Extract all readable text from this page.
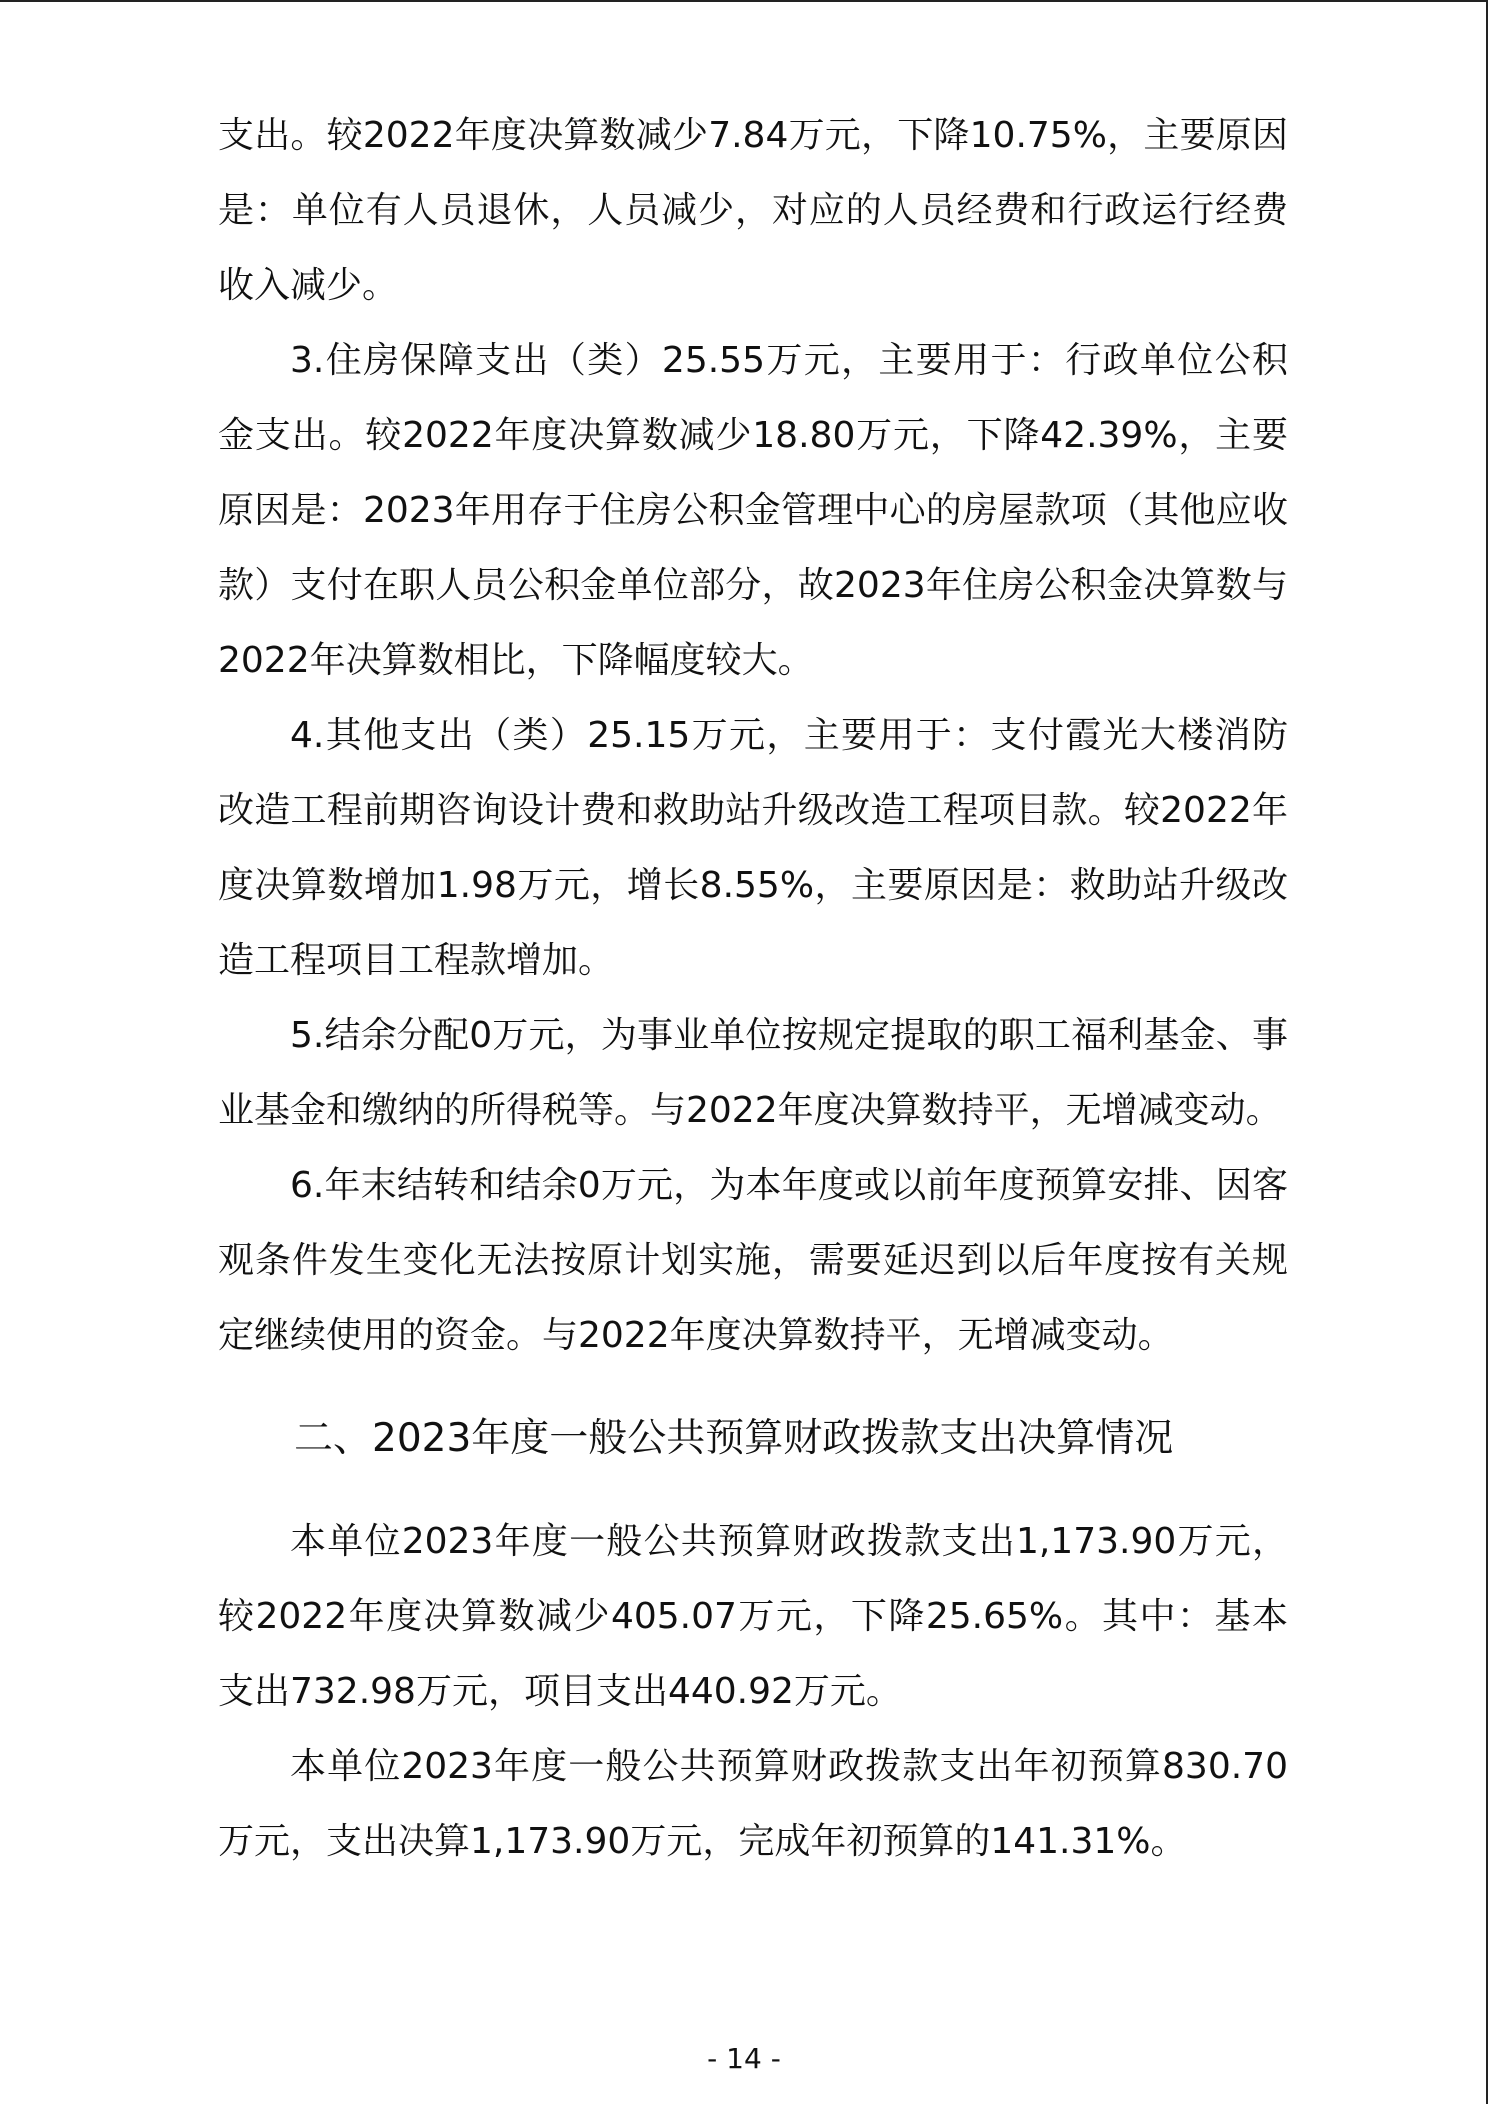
支出。较2022年度决算数减少7.84万元，下降10.75%，主要原因是：单位有人员退休，人员减少，对应的人员经费和行政运行经费收入减少。

3.住房保障支出（类）25.55万元，主要用于：行政单位公积金支出。较2022年度决算数减少18.80万元，下降42.39%，主要原因是：2023年用存于住房公积金管理中心的房屋款项（其他应收款）支付在职人员公积金单位部分，故2023年住房公积金决算数与2022年决算数相比，下降幅度较大。

4.其他支出（类）25.15万元，主要用于：支付霞光大楼消防改造工程前期咨询设计费和救助站升级改造工程项目款。较2022年度决算数增加1.98万元，增长8.55%，主要原因是：救助站升级改造工程项目工程款增加。

5.结余分配0万元，为事业单位按规定提取的职工福利基金、事业基金和缴纳的所得税等。与2022年度决算数持平，无增减变动。

6.年末结转和结余0万元，为本年度或以前年度预算安排、因客观条件发生变化无法按原计划实施，需要延迟到以后年度按有关规定继续使用的资金。与2022年度决算数持平，无增减变动。

二、2023年度一般公共预算财政拨款支出决算情况

本单位2023年度一般公共预算财政拨款支出1,173.90万元，较2022年度决算数减少405.07万元，下降25.65%。其中：基本支出732.98万元，项目支出440.92万元。

本单位2023年度一般公共预算财政拨款支出年初预算830.70万元，支出决算1,173.90万元，完成年初预算的141.31%。

- 14 -
